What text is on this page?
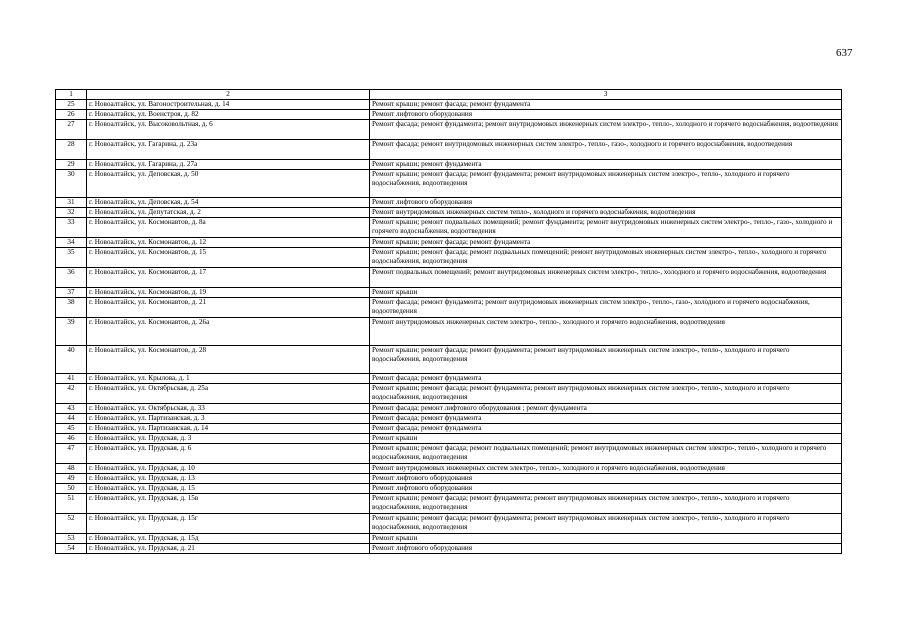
637
1	2	3
25	г. Новоалтайск, ул. Вагоностроительная, д. 14	Ремонт крыши; ремонт фасада; ремонт фундамента
26	г. Новоалтайск, ул. Военстроя, д. 82	Ремонт лифтового оборудования
27	г. Новоалтайск, ул. Высоковольтная, д. 6	Ремонт фасада; ремонт фундамента; ремонт внутридомовых инженерных систем электро-, тепло-, холодного и горячего водоснабжения, водоотведения
28	г. Новоалтайск, ул. Гагарина, д. 23а	Ремонт фасада; ремонт внутридомовых инженерных систем электро-, тепло-, газо-, холодного и горячего водоснабжения, водоотведения
29	г. Новоалтайск, ул. Гагарина, д. 27а	Ремонт крыши; ремонт фундамента
30	г. Новоалтайск, ул. Деповская, д. 50	Ремонт крыши; ремонт фасада; ремонт фундамента; ремонт внутридомовых инженерных систем электро-, тепло-, холодного и горячего водоснабжения, водоотведения
31	г. Новоалтайск, ул. Деповская, д. 54	Ремонт лифтового оборудования
32	г. Новоалтайск, ул. Депутатская, д. 2	Ремонт внутридомовых инженерных систем тепло-, холодного и горячего водоснабжения, водоотведения
33	г. Новоалтайск, ул. Космонавтов, д. 8а	Ремонт крыши; ремонт подвальных помещений; ремонт фундамента; ремонт внутридомовых инженерных систем электро-, тепло-, газо-, холодного и горячего водоснабжения, водоотведения
34	г. Новоалтайск, ул. Космонавтов, д. 12	Ремонт крыши; ремонт фасада; ремонт фундамента
35	г. Новоалтайск, ул. Космонавтов, д. 15	Ремонт крыши; ремонт фасада; ремонт подвальных помещений; ремонт внутридомовых инженерных систем электро-, тепло-, холодного и горячего водоснабжения, водоотведения
36	г. Новоалтайск, ул. Космонавтов, д. 17	Ремонт подвальных помещений; ремонт внутридомовых инженерных систем электро-, тепло-, холодного и горячего водоснабжения, водоотведения
37	г. Новоалтайск, ул. Космонавтов, д. 19	Ремонт крыши
38	г. Новоалтайск, ул. Космонавтов, д. 21	Ремонт фасада; ремонт фундамента; ремонт внутридомовых инженерных систем электро-, тепло-, газо-, холодного и горячего водоснабжения, водоотведения
39	г. Новоалтайск, ул. Космонавтов, д. 26а	Ремонт внутридомовых инженерных систем электро-, тепло-, холодного и горячего водоснабжения, водоотведения
40	г. Новоалтайск, ул. Космонавтов, д. 28	Ремонт крыши; ремонт фасада; ремонт фундамента; ремонт внутридомовых инженерных систем электро-, тепло-, холодного и горячего водоснабжения, водоотведения
41	г. Новоалтайск, ул. Крылова, д. 1	Ремонт фасада; ремонт фундамента
42	г. Новоалтайск, ул. Октябрьская, д. 25а	Ремонт крыши; ремонт фасада; ремонт фундамента; ремонт внутридомовых инженерных систем электро-, тепло-, холодного и горячего водоснабжения, водоотведения
43	г. Новоалтайск, ул. Октябрьская, д. 33	Ремонт фасада; ремонт лифтового оборудования ; ремонт фундамента
44	г. Новоалтайск, ул. Партизанская, д. 3	Ремонт фасада; ремонт фундамента
45	г. Новоалтайск, ул. Партизанская, д. 14	Ремонт фасада; ремонт фундамента
46	г. Новоалтайск, ул. Прудская, д. 3	Ремонт крыши
47	г. Новоалтайск, ул. Прудская, д. 6	Ремонт крыши; ремонт фасада; ремонт подвальных помещений; ремонт внутридомовых инженерных систем электро-, тепло-, холодного и горячего водоснабжения, водоотведения
48	г. Новоалтайск, ул. Прудская, д. 10	Ремонт внутридомовых инженерных систем электро-, тепло-, холодного и горячего водоснабжения, водоотведения
49	г. Новоалтайск, ул. Прудская, д. 13	Ремонт лифтового оборудования
50	г. Новоалтайск, ул. Прудская, д. 15	Ремонт лифтового оборудования
51	г. Новоалтайск, ул. Прудская, д. 15в	Ремонт крыши; ремонт фасада; ремонт фундамента; ремонт внутридомовых инженерных систем электро-, тепло-, холодного и горячего водоснабжения, водоотведения
52	г. Новоалтайск, ул. Прудская, д. 15г	Ремонт крыши; ремонт фасада; ремонт фундамента; ремонт внутридомовых инженерных систем электро-, тепло-, холодного и горячего водоснабжения, водоотведения
53	г. Новоалтайск, ул. Прудская, д. 15д	Ремонт крыши
54	г. Новоалтайск, ул. Прудская, д. 21	Ремонт лифтового оборудования
